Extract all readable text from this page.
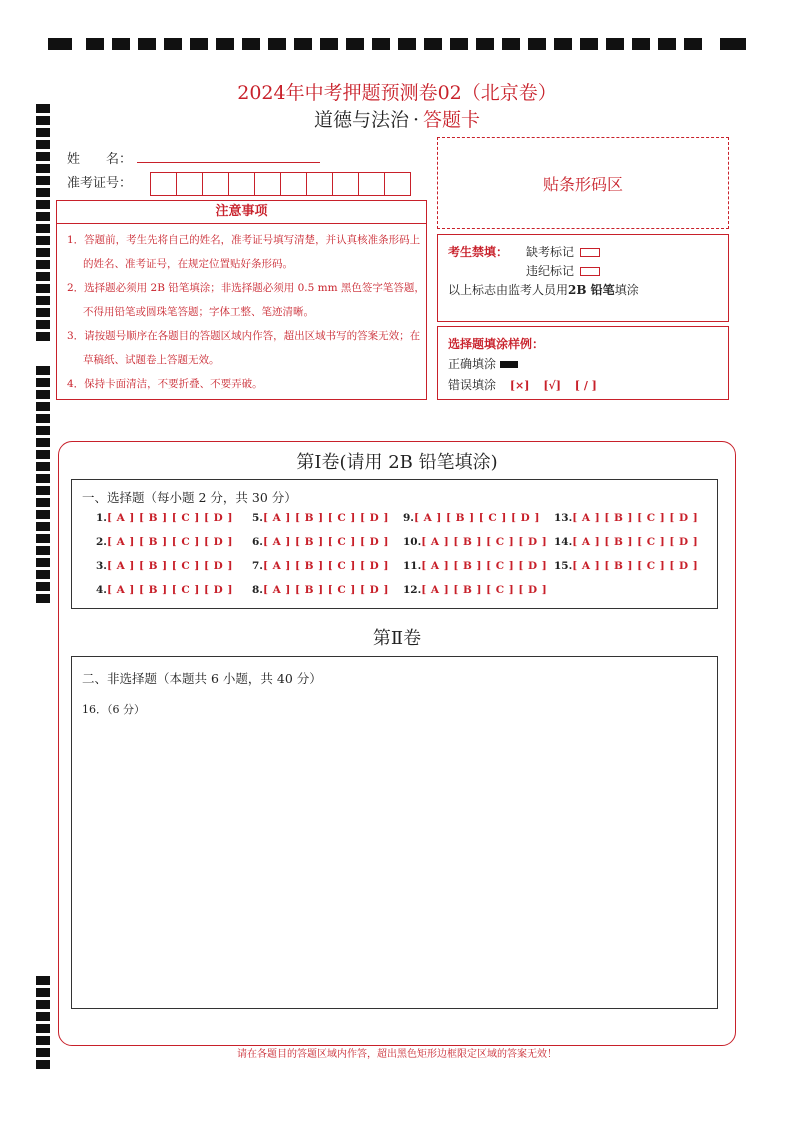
2024年中考押题预测卷02（北京卷）
道德与法治 · 答题卡
姓　　名：
准考证号：
注意事项
1．答题前，考生先将自己的姓名，准考证号填写清楚，并认真核准条形码上的姓名、准考证号，在规定位置贴好条形码。
2．选择题必须用 2B 铅笔填涂；非选择题必须用 0.5 mm 黑色签字笔答题，不得用铅笔或圆珠笔答题；字体工整、笔迹清晰。
3．请按题号顺序在各题目的答题区域内作答，超出区域书写的答案无效；在草稿纸、试题卷上答题无效。
4．保持卡面清洁，不要折叠、不要弄破。
贴条形码区
考生禁填： 缺考标记
违纪标记
以上标志由监考人员用2B 铅笔填涂
选择题填涂样例：
正确填涂
错误填涂 [×] [√] [ / ]
第Ⅰ卷(请用 2B 铅笔填涂)
一、选择题（每小题 2 分，共 30 分）
1.[ A ] [ B ] [ C ] [ D ]
2.[ A ] [ B ] [ C ] [ D ]
3.[ A ] [ B ] [ C ] [ D ]
4.[ A ] [ B ] [ C ] [ D ]
5.[ A ] [ B ] [ C ] [ D ]
6.[ A ] [ B ] [ C ] [ D ]
7.[ A ] [ B ] [ C ] [ D ]
8.[ A ] [ B ] [ C ] [ D ]
9.[ A ] [ B ] [ C ] [ D ]
10.[ A ] [ B ] [ C ] [ D ]
11.[ A ] [ B ] [ C ] [ D ]
12.[ A ] [ B ] [ C ] [ D ]
13.[ A ] [ B ] [ C ] [ D ]
14.[ A ] [ B ] [ C ] [ D ]
15.[ A ] [ B ] [ C ] [ D ]
第Ⅱ卷
二、非选择题（本题共 6 小题，共 40 分）
16．（6 分）
请在各题目的答题区域内作答，超出黑色矩形边框限定区域的答案无效！
